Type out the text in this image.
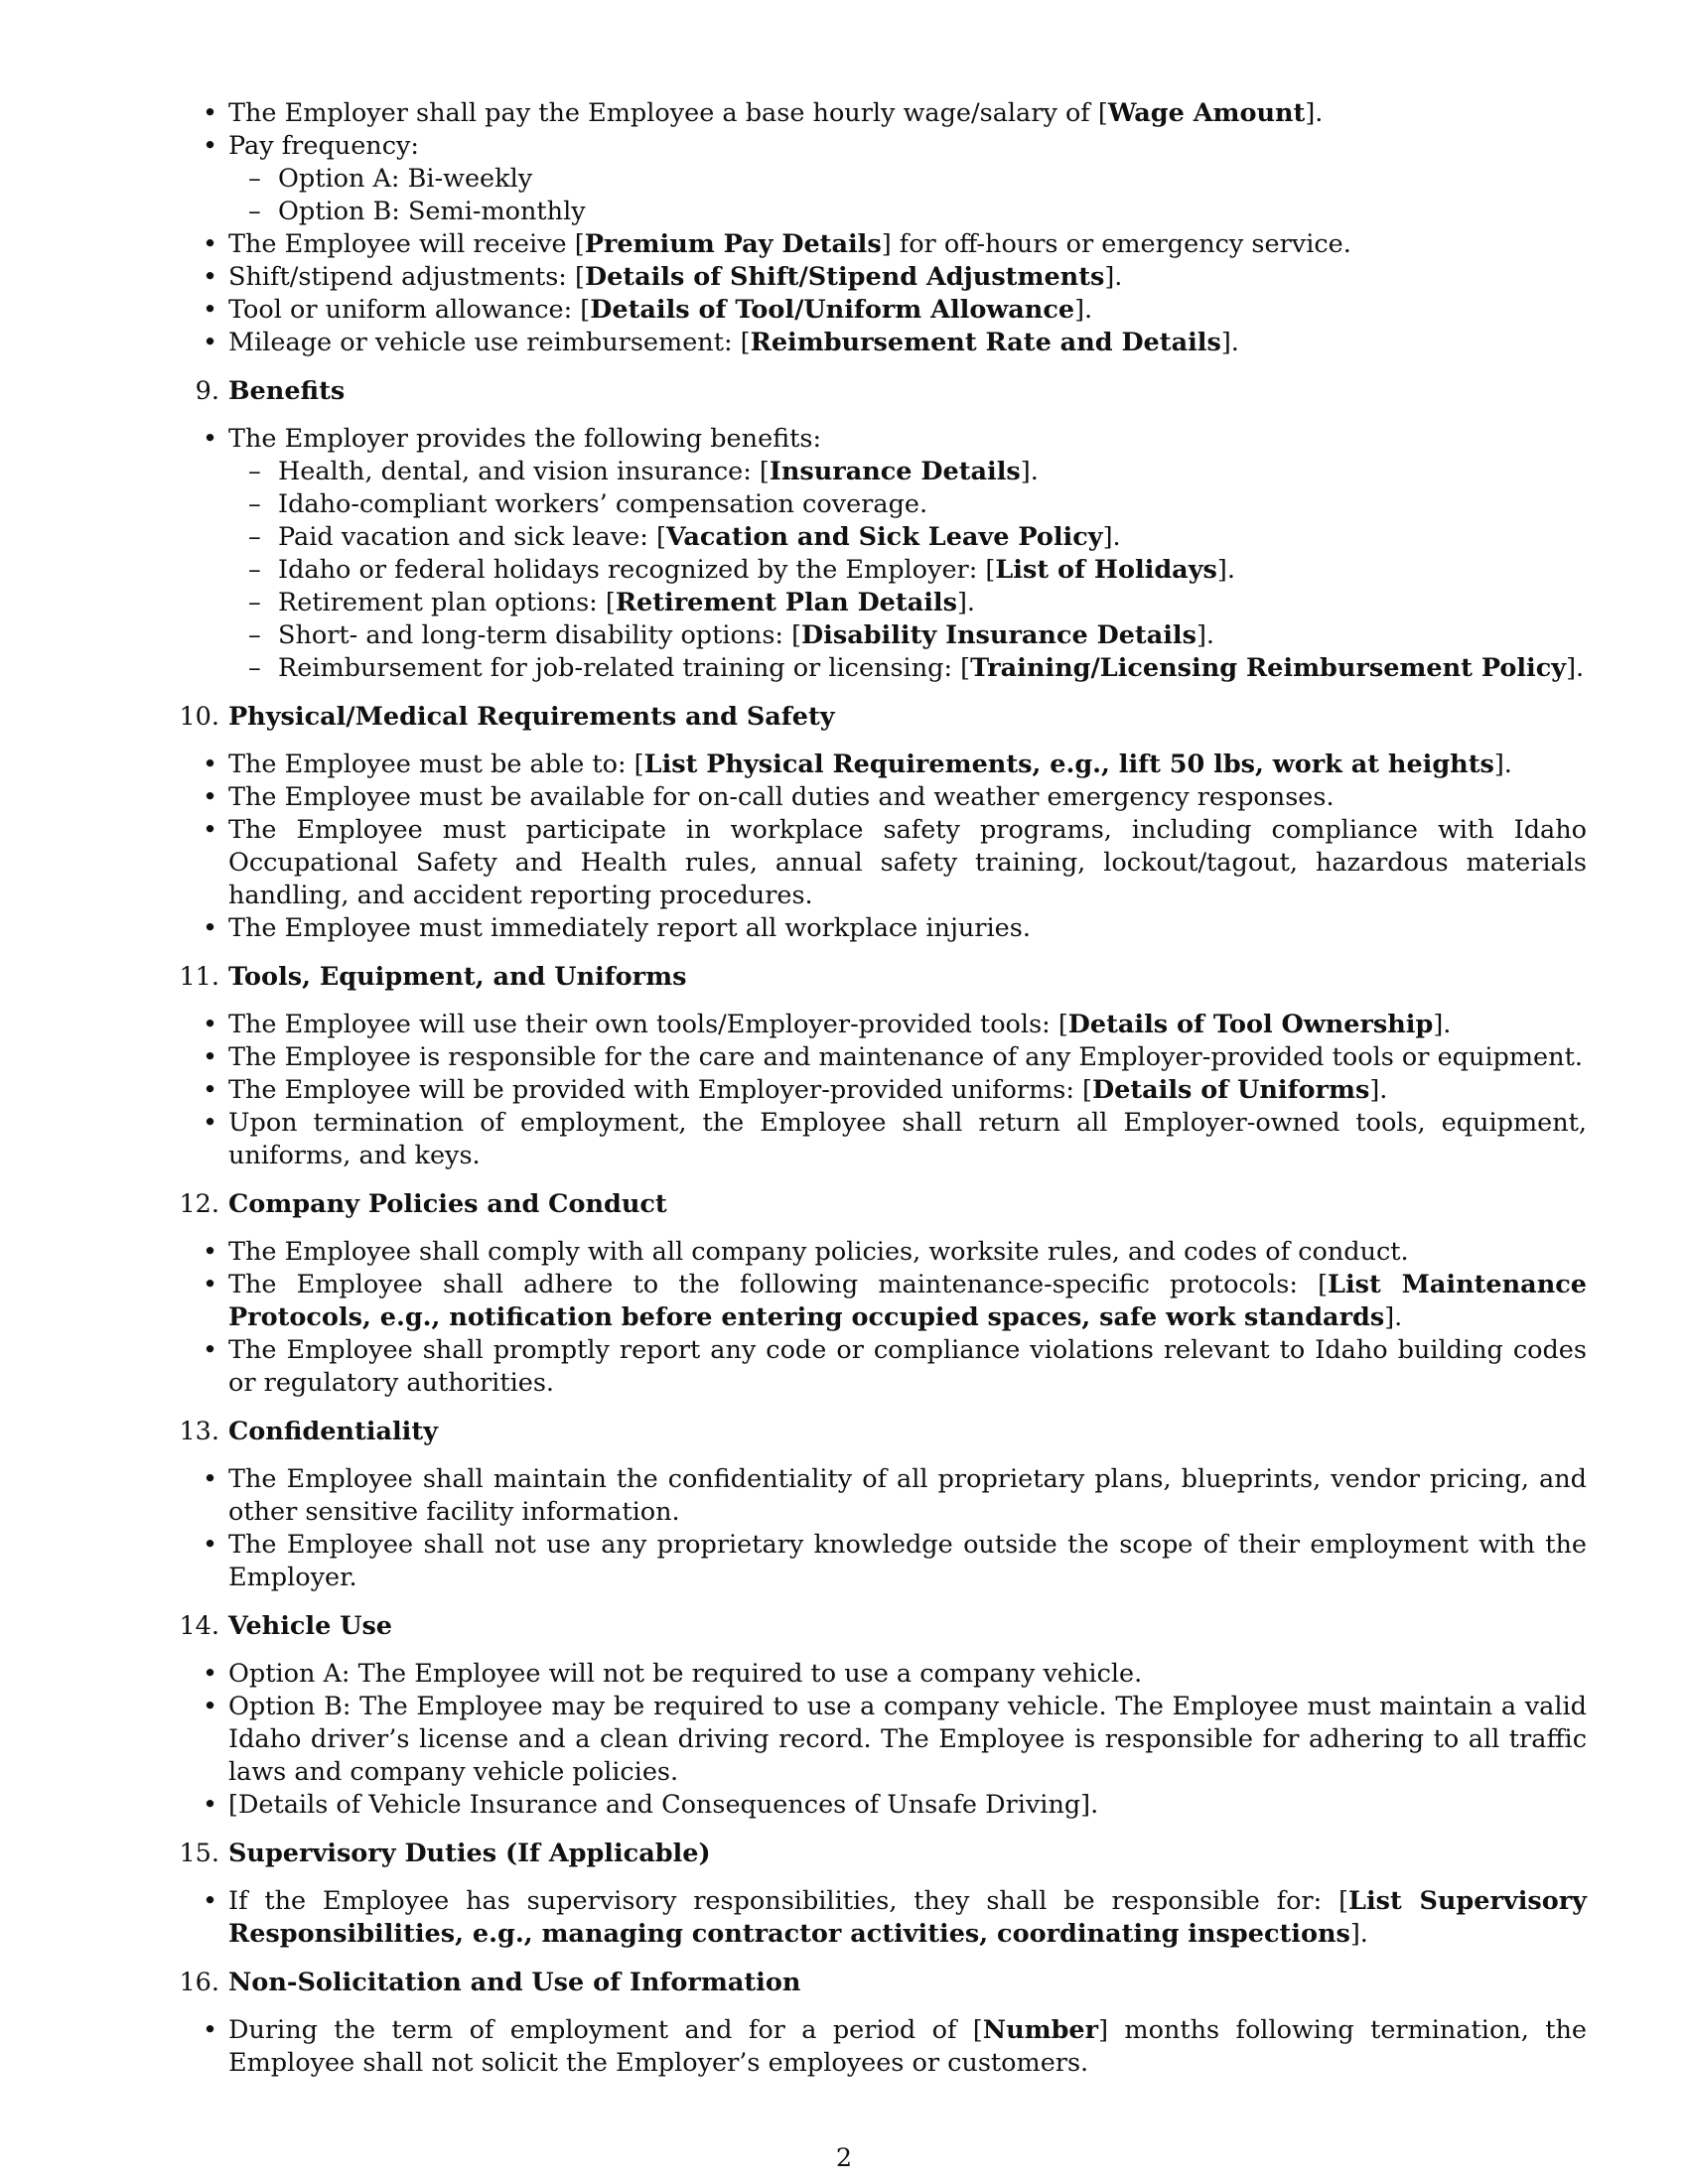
• The Employer shall pay the Employee a base hourly wage/salary of [Wage Amount].
• Pay frequency:
– Option A: Bi-weekly
– Option B: Semi-monthly
• The Employee will receive [Premium Pay Details] for off-hours or emergency service.
• Shift/stipend adjustments: [Details of Shift/Stipend Adjustments].
• Tool or uniform allowance: [Details of Tool/Uniform Allowance].
• Mileage or vehicle use reimbursement: [Reimbursement Rate and Details].
9. Benefits
• The Employer provides the following benefits:
– Health, dental, and vision insurance: [Insurance Details].
– Idaho-compliant workers’ compensation coverage.
– Paid vacation and sick leave: [Vacation and Sick Leave Policy].
– Idaho or federal holidays recognized by the Employer: [List of Holidays].
– Retirement plan options: [Retirement Plan Details].
– Short- and long-term disability options: [Disability Insurance Details].
– Reimbursement for job-related training or licensing: [Training/Licensing Reimbursement Policy].
10. Physical/Medical Requirements and Safety
• The Employee must be able to: [List Physical Requirements, e.g., lift 50 lbs, work at heights].
• The Employee must be available for on-call duties and weather emergency responses.
• The Employee must participate in workplace safety programs, including compliance with Idaho Occupational Safety and Health rules, annual safety training, lockout/tagout, hazardous materials handling, and accident reporting procedures.
• The Employee must immediately report all workplace injuries.
11. Tools, Equipment, and Uniforms
• The Employee will use their own tools/Employer-provided tools: [Details of Tool Ownership].
• The Employee is responsible for the care and maintenance of any Employer-provided tools or equipment.
• The Employee will be provided with Employer-provided uniforms: [Details of Uniforms].
• Upon termination of employment, the Employee shall return all Employer-owned tools, equipment, uniforms, and keys.
12. Company Policies and Conduct
• The Employee shall comply with all company policies, worksite rules, and codes of conduct.
• The Employee shall adhere to the following maintenance-specific protocols: [List Maintenance Protocols, e.g., notification before entering occupied spaces, safe work standards].
• The Employee shall promptly report any code or compliance violations relevant to Idaho building codes or regulatory authorities.
13. Confidentiality
• The Employee shall maintain the confidentiality of all proprietary plans, blueprints, vendor pricing, and other sensitive facility information.
• The Employee shall not use any proprietary knowledge outside the scope of their employment with the Employer.
14. Vehicle Use
• Option A: The Employee will not be required to use a company vehicle.
• Option B: The Employee may be required to use a company vehicle. The Employee must maintain a valid Idaho driver’s license and a clean driving record. The Employee is responsible for adhering to all traffic laws and company vehicle policies.
• [Details of Vehicle Insurance and Consequences of Unsafe Driving].
15. Supervisory Duties (If Applicable)
• If the Employee has supervisory responsibilities, they shall be responsible for: [List Supervisory Responsibilities, e.g., managing contractor activities, coordinating inspections].
16. Non-Solicitation and Use of Information
• During the term of employment and for a period of [Number] months following termination, the Employee shall not solicit the Employer’s employees or customers.
2
